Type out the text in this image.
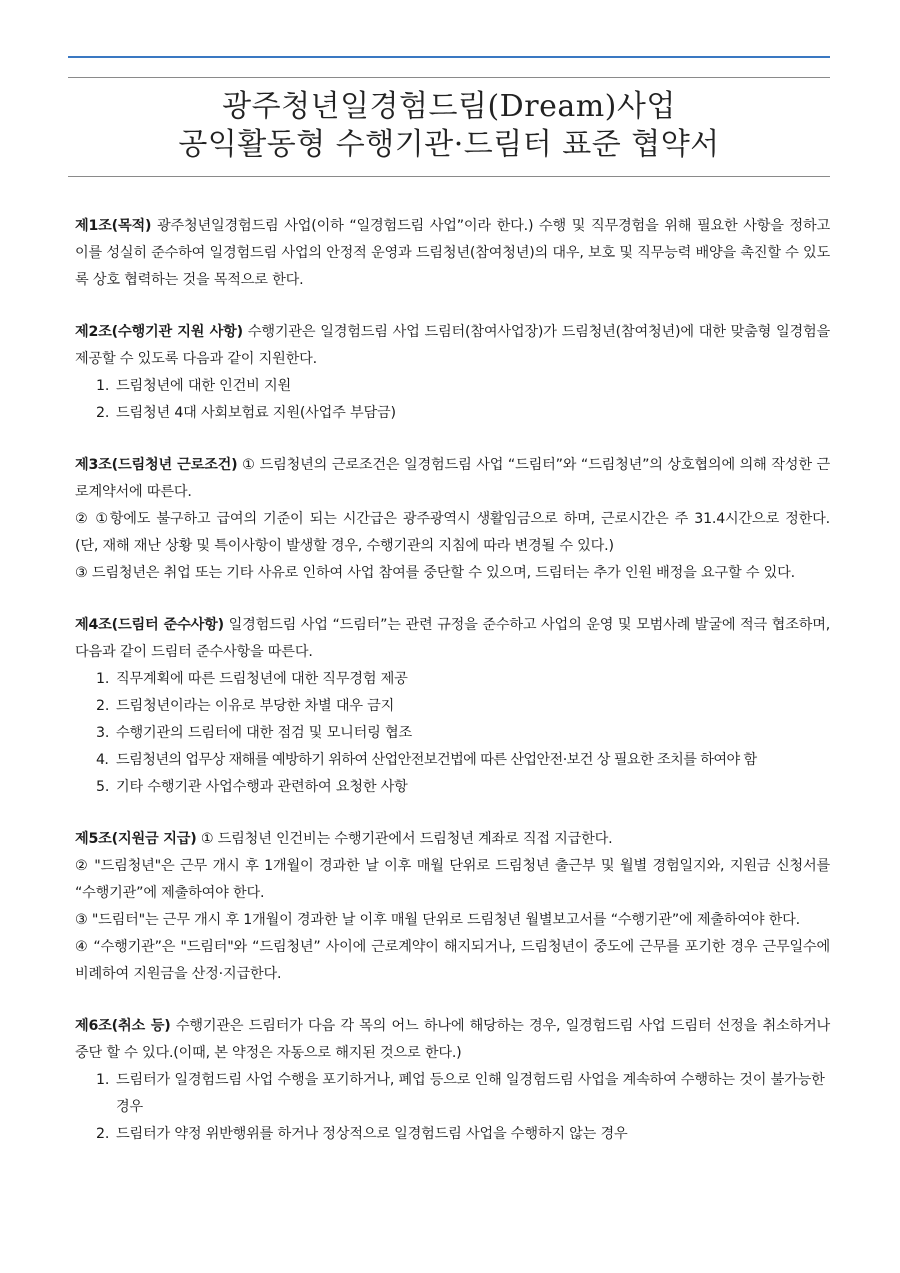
광주청년일경험드림(Dream)사업
공익활동형 수행기관·드림터 표준 협약서
제1조(목적) 광주청년일경험드림 사업(이하 “일경험드림 사업”이라 한다.) 수행 및 직무경험을 위해 필요한 사항을 정하고 이를 성실히 준수하여 일경험드림 사업의 안정적 운영과 드림청년(참여청년)의 대우, 보호 및 직무능력 배양을 촉진할 수 있도록 상호 협력하는 것을 목적으로 한다.
제2조(수행기관 지원 사항) 수행기관은 일경험드림 사업 드림터(참여사업장)가 드림청년(참여청년)에 대한 맞춤형 일경험을 제공할 수 있도록 다음과 같이 지원한다.
1. 드림청년에 대한 인건비 지원
2. 드림청년 4대 사회보험료 지원(사업주 부담금)
제3조(드림청년 근로조건) ① 드림청년의 근로조건은 일경험드림 사업 “드림터”와 “드림청년”의 상호협의에 의해 작성한 근로계약서에 따른다.
② ①항에도 불구하고 급여의 기준이 되는 시간급은 광주광역시 생활임금으로 하며, 근로시간은 주 31.4시간으로 정한다. (단, 재해 재난 상황 및 특이사항이 발생할 경우, 수행기관의 지침에 따라 변경될 수 있다.)
③ 드림청년은 취업 또는 기타 사유로 인하여 사업 참여를 중단할 수 있으며, 드림터는 추가 인원 배정을 요구할 수 있다.
제4조(드림터 준수사항) 일경험드림 사업 “드림터”는 관련 규정을 준수하고 사업의 운영 및 모범사례 발굴에 적극 협조하며, 다음과 같이 드림터 준수사항을 따른다.
1. 직무계획에 따른 드림청년에 대한 직무경험 제공
2. 드림청년이라는 이유로 부당한 차별 대우 금지
3. 수행기관의 드림터에 대한 점검 및 모니터링 협조
4. 드림청년의 업무상 재해를 예방하기 위하여 산업안전보건법에 따른 산업안전·보건 상 필요한 조치를 하여야 함
5. 기타 수행기관 사업수행과 관련하여 요청한 사항
제5조(지원금 지급) ① 드림청년 인건비는 수행기관에서 드림청년 계좌로 직접 지급한다.
② "드림청년"은 근무 개시 후 1개월이 경과한 날 이후 매월 단위로 드림청년 출근부 및 월별 경험일지와, 지원금 신청서를 “수행기관”에 제출하여야 한다.
③ "드림터"는 근무 개시 후 1개월이 경과한 날 이후 매월 단위로 드림청년 월별보고서를 “수행기관”에 제출하여야 한다.
④ “수행기관”은 "드림터"와 “드림청년” 사이에 근로계약이 해지되거나, 드림청년이 중도에 근무를 포기한 경우 근무일수에 비례하여 지원금을 산정·지급한다.
제6조(취소 등) 수행기관은 드림터가 다음 각 목의 어느 하나에 해당하는 경우, 일경험드림 사업 드림터 선정을 취소하거나 중단 할 수 있다.(이때, 본 약정은 자동으로 해지된 것으로 한다.)
1. 드림터가 일경험드림 사업 수행을 포기하거나, 폐업 등으로 인해 일경험드림 사업을 계속하여 수행하는 것이 불가능한 경우
2. 드림터가 약정 위반행위를 하거나 정상적으로 일경험드림 사업을 수행하지 않는 경우
